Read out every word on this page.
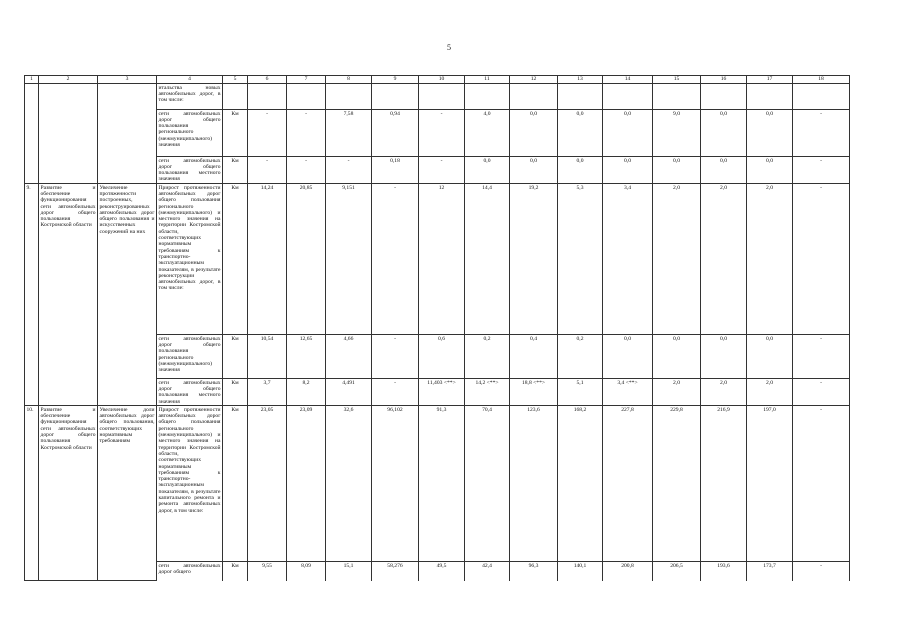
5
1	2	3	4	5	6	7	8	9	10	11	12	13	14	15	16	17	18
			итальства новых автомобильных дорог, в том числе:														
			сети автомобильных дорог общего пользования регионального (межмуниципального) значения	Км	-	-	7,58	0,94	-	4,0	0,0	0,0	0,0	9,0	0,0	0,0	-
			сети автомобильных дорог общего пользования местного значения	Км	-	-	-	0,18	-	0,0	0,0	0,0	0,0	0,0	0,0	0,0	-
9.	Развитие и обеспечение функционирования сети автомобильных дорог общего пользования Костромской области	Увеличение протяженности построенных, реконструированных автомобильных дорог общего пользования и искусственных сооружений на них	Прирост протяженности автомобильных дорог общего пользования регионального (межмуниципального) и местного значения на территории Костромской области, соответствующих нормативным требованиям к транспортно-эксплуатационным показателям, в результате реконструкции автомобильных дорог, в том числе:	Км	14,24	20,85	9,151	-	12	14,4	19,2	5,3	3,4	2,0	2,0	2,0	-
			сети автомобильных дорог общего пользования регионального (межмуниципального) значения	Км	10,54	12,65	4,66	-	0,6	0,2	0,4	0,2	0,0	0,0	0,0	0,0	-
			сети автомобильных дорог общего пользования местного значения	Км	3,7	8,2	4,491	-	11,403 <**>	14,2 <**>	18,8 <**>	5,1	3,4 <**>	2,0	2,0	2,0	-
10.	Развитие и обеспечение функционирования сети автомобильных дорог общего пользования Костромской области	Увеличение доли автомобильных дорог общего пользования, соответствующих нормативным требованиям	Прирост протяженности автомобильных дорог общего пользования регионального (межмуниципального) и местного значения на территории Костромской области, соответствующих нормативным требованиям к транспортно-эксплуатационным показателям, в результате капитального ремонта и ремонта автомобильных дорог, в том числе:	Км	23,05	23,09	32,6	96,102	91,3	70,4	123,6	168,2	227,8	229,8	216,9	197,0	-
			сети автомобильных дорог общего	Км	9,55	8,09	15,1	58,276	49,5	42,4	96,3	140,1	200,8	206,5	193,6	173,7	-
